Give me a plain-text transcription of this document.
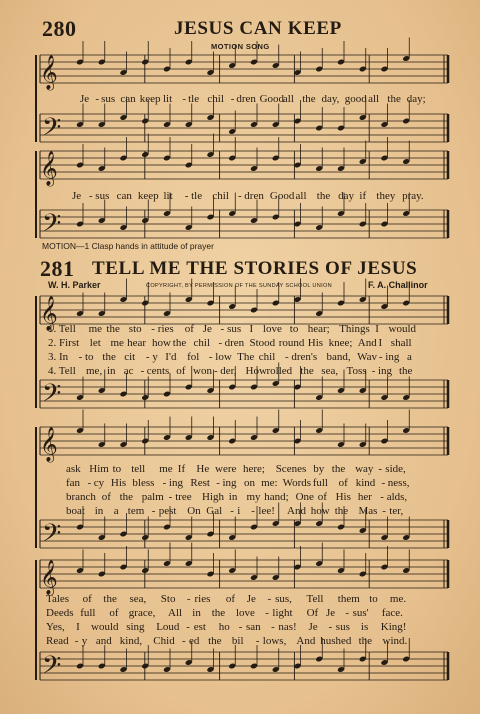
𝄞
𝄢
𝄞
𝄢
𝄞
𝄢
𝄞
𝄢
𝄞
𝄢
280	JESUS CAN KEEP
MOTION SONG
Je - sus can keep lit - tle chil - dren Good
all the day, good all the day;
Je - sus can keep lit - tle chil - dren Good all the day if they pray.
MOTION—1 Clasp hands in attitude of prayer
281 TELL ME THE STORIES OF JESUS
W. H. Parker	COPYRIGHT, BY PERMISSION OF THE SUNDAY SCHOOL UNION	F. A. Challinor
1. Tell me the sto - ries of Je - sus I love to hear; Things I would
2. First let me hear how the chil - dren Stood round His knee; And I shall
3. In - to the cit - y I'd fol - low The chil - dren's band, Wav - ing a
4. Tell me, in ac - cents of won - der, How rolled the sea, Toss - ing the
ask Him to tell me If He were here; Scenes by the way - side,
fan - cy His bless - ing Rest - ing on me: Words full of kind - ness,
branch of the palm - tree High in my hand; One of His her - alds,
boat in a tem - pest On Gal - i - lee! And how the Mas - ter,
Tales of the sea, Sto - ries of Je - sus, Tell them to me.
Deeds full of grace, All in the love - light Of Je - sus' face.
Yes, I would sing Loud - est ho - san - nas! Je - sus is King!
Read - y and kind, Chid - ed the bil - lows, And hushed the wind.
